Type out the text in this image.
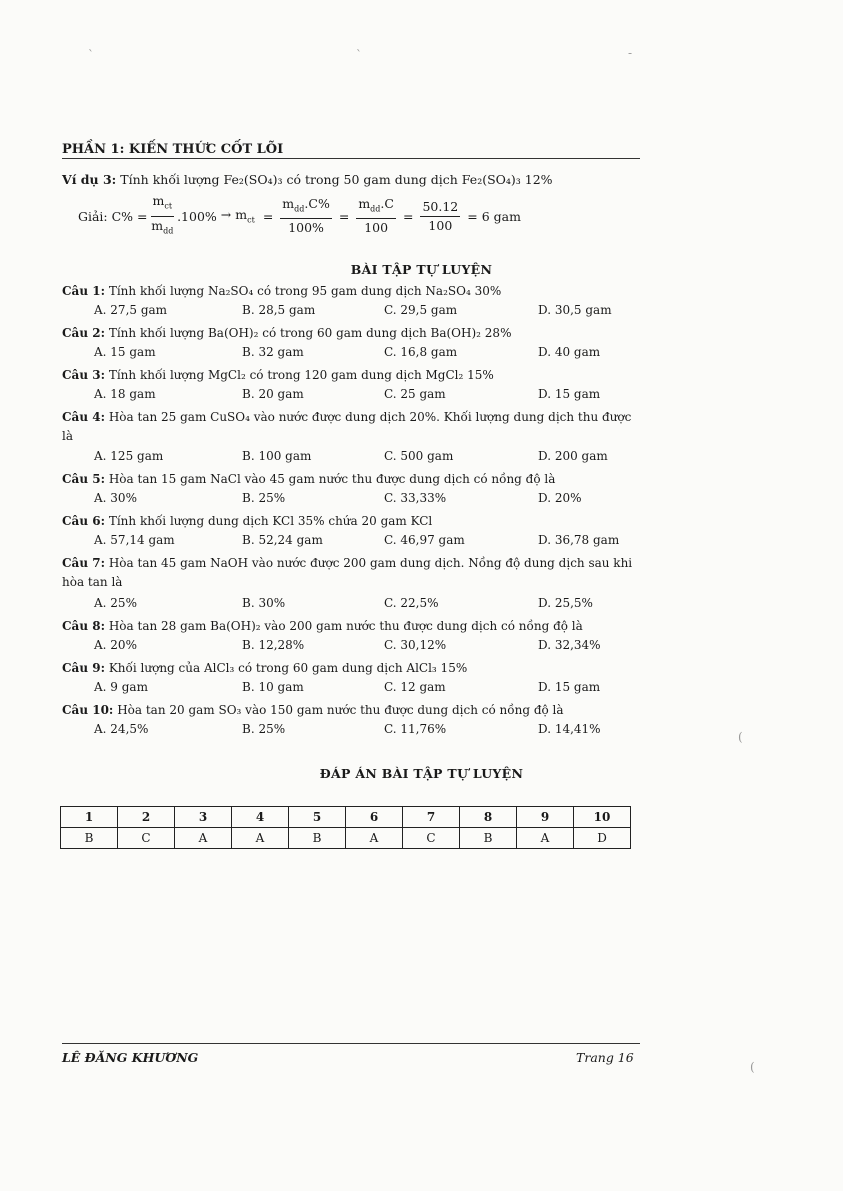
`	`	-
(
(
PHẦN 1: KIẾN THỨC CỐT LÕI
Ví dụ 3: Tính khối lượng Fe₂(SO₄)₃ có trong 50 gam dung dịch Fe₂(SO₄)₃ 12%
Giải: $C\% = \frac{m_{ct}}{m_{dd}} .100\% \to m_{ct} = \frac{m_{dd}.C\%}{100\%} = \frac{m_{dd}.C}{100} = \frac{50.12}{100} = 6$ gam
BÀI TẬP TỰ LUYỆN
Câu 1: Tính khối lượng Na₂SO₄ có trong 95 gam dung dịch Na₂SO₄ 30%
A. 27,5 gam	B. 28,5 gam	C. 29,5 gam	D. 30,5 gam
Câu 2: Tính khối lượng Ba(OH)₂ có trong 60 gam dung dịch Ba(OH)₂ 28%
A. 15 gam	B. 32 gam	C. 16,8 gam	D. 40 gam
Câu 3: Tính khối lượng MgCl₂ có trong 120 gam dung dịch MgCl₂ 15%
A. 18 gam	B. 20 gam	C. 25 gam	D. 15 gam
Câu 4: Hòa tan 25 gam CuSO₄ vào nước được dung dịch 20%. Khối lượng dung dịch thu được là
A. 125 gam	B. 100 gam	C. 500 gam	D. 200 gam
Câu 5: Hòa tan 15 gam NaCl vào 45 gam nước thu được dung dịch có nồng độ là
A. 30%	B. 25%	C. 33,33%	D. 20%
Câu 6: Tính khối lượng dung dịch KCl 35% chứa 20 gam KCl
A. 57,14 gam	B. 52,24 gam	C. 46,97 gam	D. 36,78 gam
Câu 7: Hòa tan 45 gam NaOH vào nước được 200 gam dung dịch. Nồng độ dung dịch sau khi hòa tan là
A. 25%	B. 30%	C. 22,5%	D. 25,5%
Câu 8: Hòa tan 28 gam Ba(OH)₂ vào 200 gam nước thu được dung dịch có nồng độ là
A. 20%	B. 12,28%	C. 30,12%	D. 32,34%
Câu 9: Khối lượng của AlCl₃ có trong 60 gam dung dịch AlCl₃ 15%
A. 9 gam	B. 10 gam	C. 12 gam	D. 15 gam
Câu 10: Hòa tan 20 gam SO₃ vào 150 gam nước thu được dung dịch có nồng độ là
A. 24,5%	B. 25%	C. 11,76%	D. 14,41%
ĐÁP ÁN BÀI TẬP TỰ LUYỆN
1	2	3	4	5	6	7	8	9	10
B	C	A	A	B	A	C	B	A	D
LÊ ĐĂNG KHƯƠNG	Trang 16
